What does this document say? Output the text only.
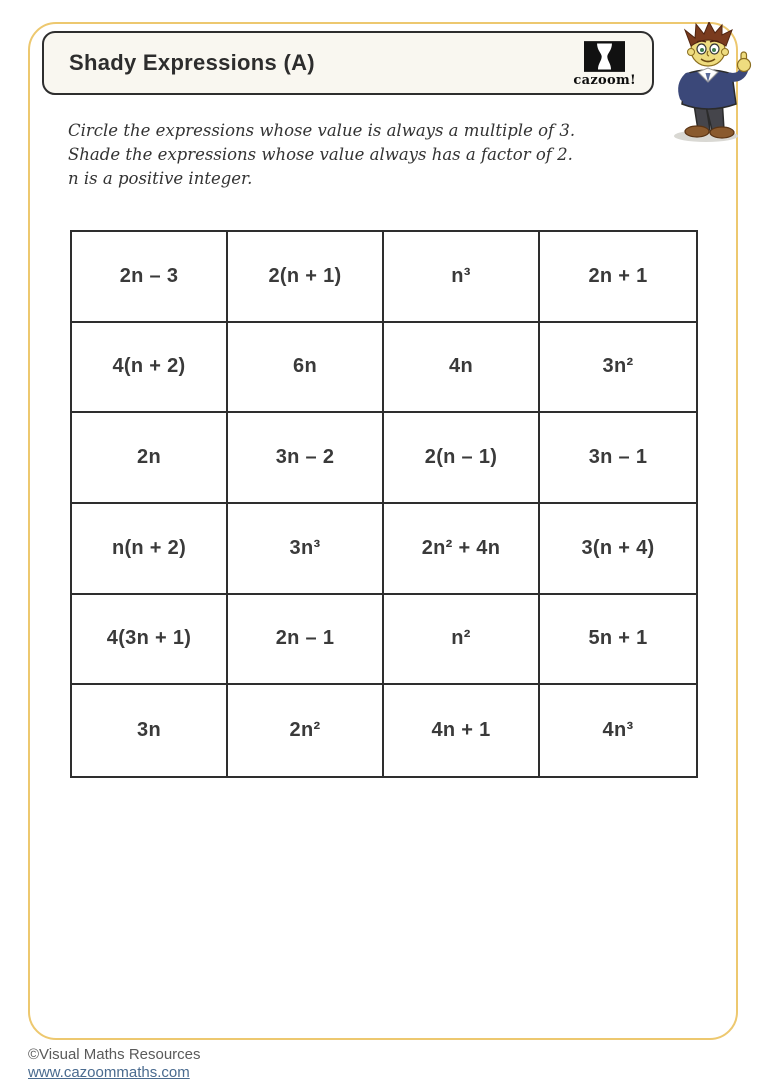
Shady Expressions (A)
cazoom!

Circle the expressions whose value is always a multiple of 3.

Shade the expressions whose value always has a factor of 2.

n is a positive integer.

2n – 3	2(n + 1)	n³	2n + 1
4(n + 2)	6n	4n	3n²
2n	3n – 2	2(n – 1)	3n – 1
n(n + 2)	3n³	2n² + 4n	3(n + 4)
4(3n + 1)	2n – 1	n²	5n + 1
3n	2n²	4n + 1	4n³
©Visual Maths Resources
www.cazoommaths.com
